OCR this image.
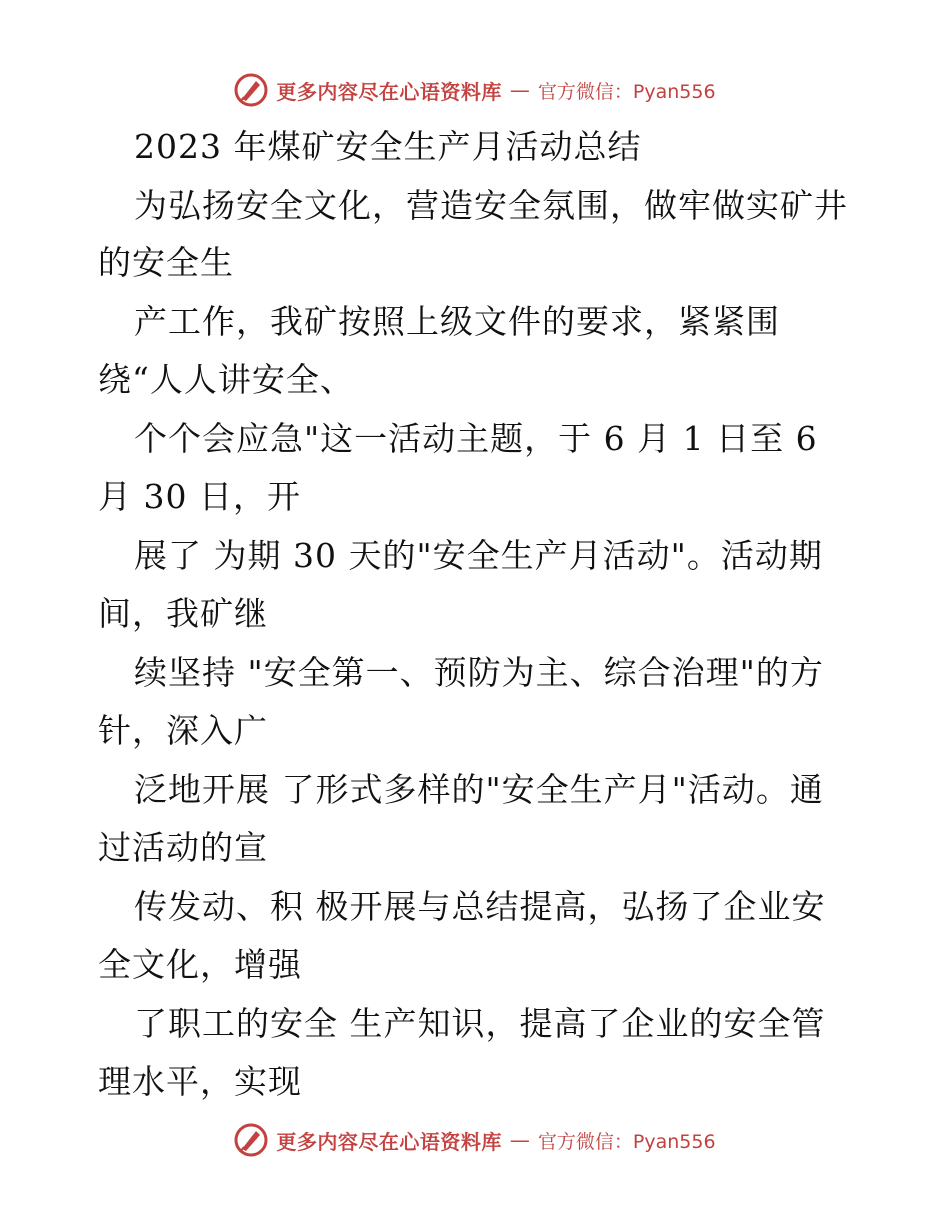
更多内容尽在心语资料库 — 官方微信：Pyan556
2023 年煤矿安全生产月活动总结
为弘扬安全文化，营造安全氛围，做牢做实矿井
的安全生
产工作，我矿按照上级文件的要求，紧紧围
绕“人人讲安全、
个个会应急"这一活动主题，于 6 月 1 日至 6
月 30 日，开
展了 为期 30 天的"安全生产月活动"。活动期
间，我矿继
续坚持 "安全第一、预防为主、综合治理"的方
针，深入广
泛地开展 了形式多样的"安全生产月"活动。通
过活动的宣
传发动、积 极开展与总结提高，弘扬了企业安
全文化，增强
了职工的安全 生产知识，提高了企业的安全管
理水平，实现
更多内容尽在心语资料库 — 官方微信：Pyan556
